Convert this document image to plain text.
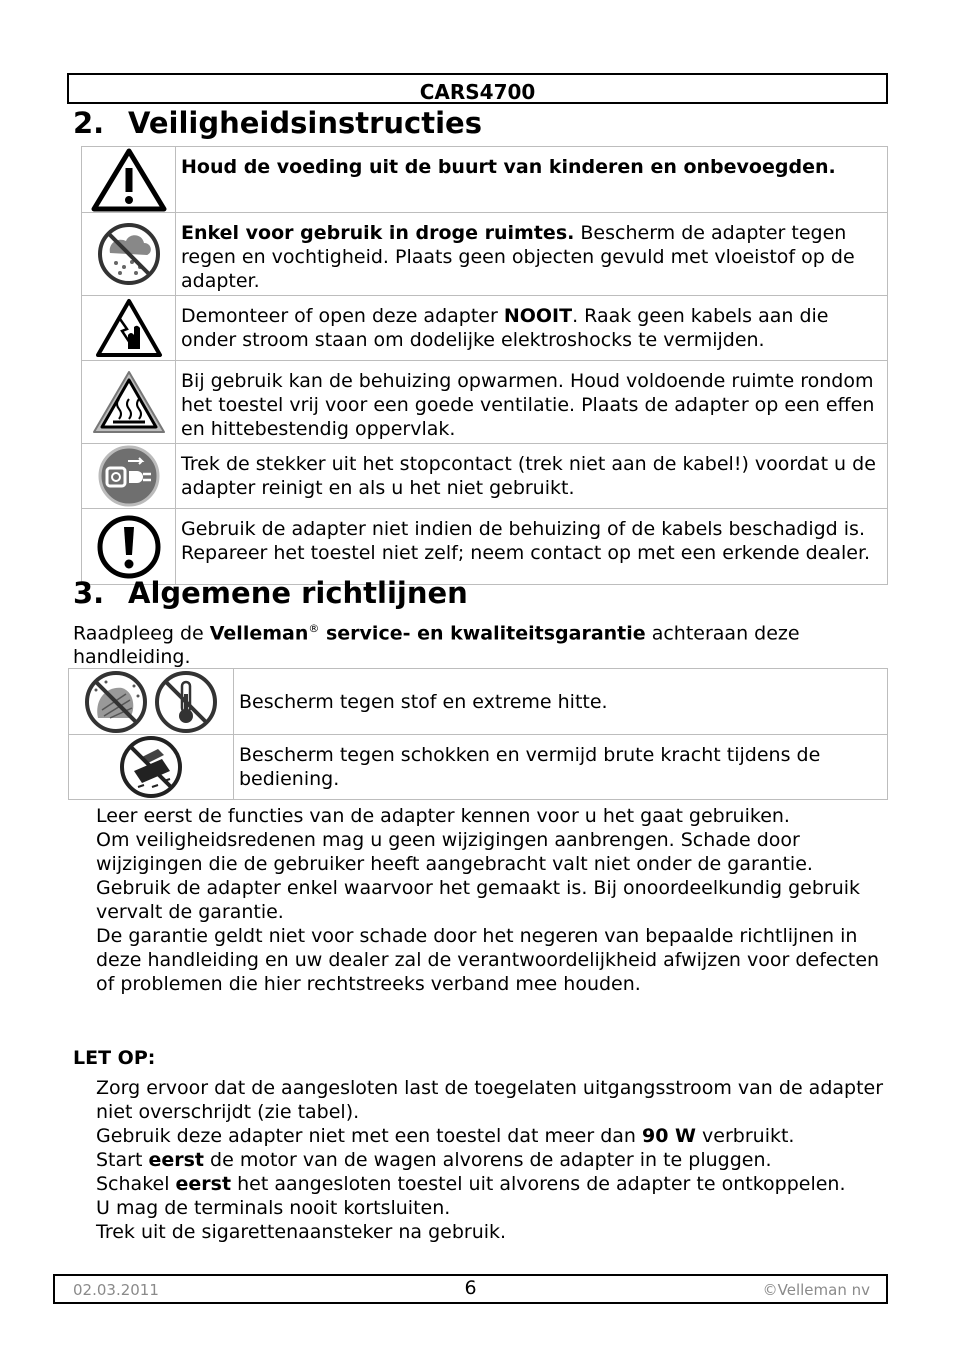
CARS4700
2. Veiligheidsinstructies
	Houd de voeding uit de buurt van kinderen en onbevoegden.

	Enkel voor gebruik in droge ruimtes. Bescherm de adapter tegen regen en vochtigheid. Plaats geen objecten gevuld met vloeistof op de adapter.

	Demonteer of open deze adapter NOOIT. Raak geen kabels aan die onder stroom staan om dodelijke elektroshocks te vermijden.

	Bij gebruik kan de behuizing opwarmen. Houd voldoende ruimte rondom het toestel vrij voor een goede ventilatie. Plaats de adapter op een effen en hittebestendig oppervlak.

	Trek de stekker uit het stopcontact (trek niet aan de kabel!) voordat u de adapter reinigt en als u het niet gebruikt.

	Gebruik de adapter niet indien de behuizing of de kabels beschadigd is. Repareer het toestel niet zelf; neem contact op met een erkende dealer.
3. Algemene richtlijnen

Raadpleeg de Velleman® service- en kwaliteitsgarantie achteraan deze handleiding.

	Bescherm tegen stof en extreme hitte.

	Bescherm tegen schokken en vermijd brute kracht tijdens de bediening.
Leer eerst de functies van de adapter kennen voor u het gaat gebruiken.
Om veiligheidsredenen mag u geen wijzigingen aanbrengen. Schade door wijzigingen die de gebruiker heeft aangebracht valt niet onder de garantie.
Gebruik de adapter enkel waarvoor het gemaakt is. Bij onoordeelkundig gebruik vervalt de garantie.
De garantie geldt niet voor schade door het negeren van bepaalde richtlijnen in deze handleiding en uw dealer zal de verantwoordelijkheid afwijzen voor defecten of problemen die hier rechtstreeks verband mee houden.
LET OP:
Zorg ervoor dat de aangesloten last de toegelaten uitgangsstroom van de adapter niet overschrijdt (zie tabel).
Gebruik deze adapter niet met een toestel dat meer dan 90 W verbruikt.
Start eerst de motor van de wagen alvorens de adapter in te pluggen.
Schakel eerst het aangesloten toestel uit alvorens de adapter te ontkoppelen.
U mag de terminals nooit kortsluiten.
Trek uit de sigarettenaansteker na gebruik.
02.03.2011	6	©Velleman nv
